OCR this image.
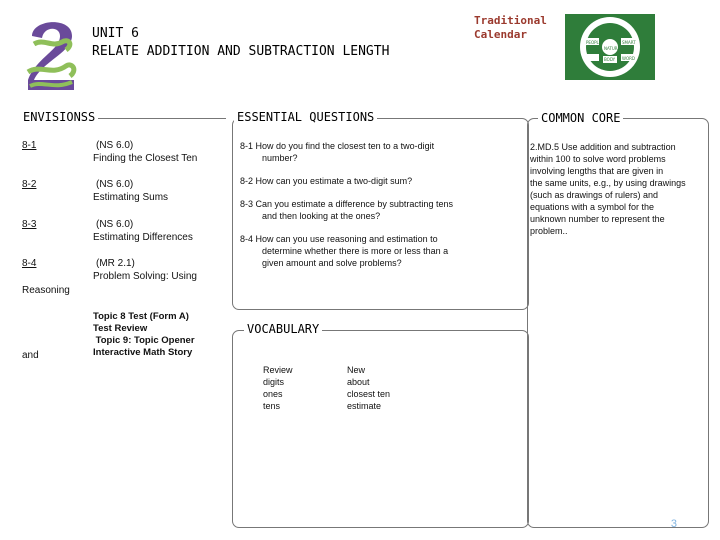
UNIT 6
RELATE ADDITION AND SUBTRACTION LENGTH
Traditional
Calendar
PEOPLE
NATURE
SMART
BODY WORD
ENVISIONSS
8-1	(NS 6.0)
Finding the Closest Ten
8-2	(NS 6.0)
Estimating Sums
8-3	(NS 6.0)
Estimating Differences
8-4	(MR 2.1)
Problem Solving: Using
Reasoning
and
Topic 8 Test (Form A)
Test Review
Topic 9: Topic Opener
Interactive Math Story
ESSENTIAL QUESTIONS
8-1 How do you find the closest ten to a two-digit
number?
8-2 How can you estimate a two-digit sum?
8-3 Can you estimate a difference by subtracting tens
and then looking at the ones?
8-4 How can you use reasoning and estimation to
determine whether there is more or less than a
given amount and solve problems?
VOCABULARY
Review
digits
ones
tens
New
about
closest ten
estimate
COMMON CORE
2.MD.5 Use addition and subtraction
within 100 to solve word problems
involving lengths that are given in
the same units, e.g., by using drawings
(such as drawings of rulers) and
equations with a symbol for the
unknown number to represent the
problem..
3
